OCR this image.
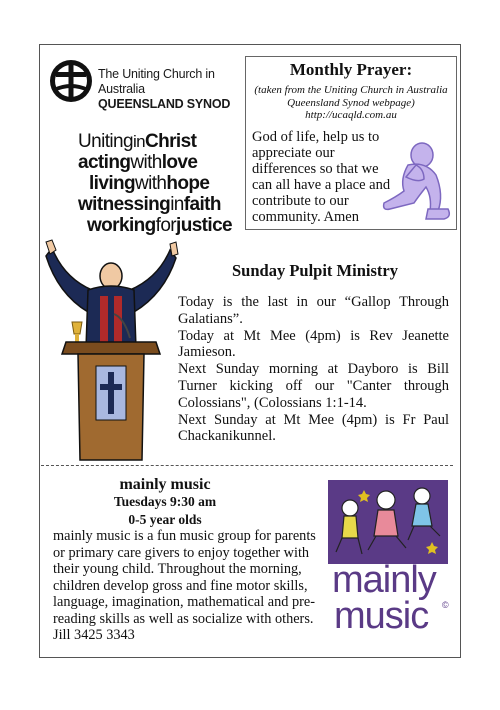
The Uniting Church in Australia
QUEENSLAND SYNOD
UnitinginChrist
actingwithlove
livingwithhope
witnessinginfaith
workingforjustice
Monthly Prayer:
(taken from the Uniting Church in Australia
Queensland Synod webpage)
http://ucaqld.com.au
God of life, help us to appreciate our differences so that we can all have a place and contribute to our community. Amen
Sunday Pulpit Ministry

Today is the last in our “Gallop Through Galatians”.

Today at Mt Mee (4pm) is Rev Jeanette Jamieson.

Next Sunday morning at Dayboro is Bill Turner kicking off our "Canter through Colossians", (Colossians 1:1-14.

Next Sunday at Mt Mee (4pm) is Fr Paul Chackanikunnel.

mainly music
Tuesdays 9:30 am
0-5 year olds
mainly music is a fun music group for parents or primary care givers to enjoy together with their young child. Throughout the morning, children develop gross and fine motor skills, language, imagination, mathematical and pre-reading skills as well as socialize with others.
Jill 3425 3343
mainly
music	©
